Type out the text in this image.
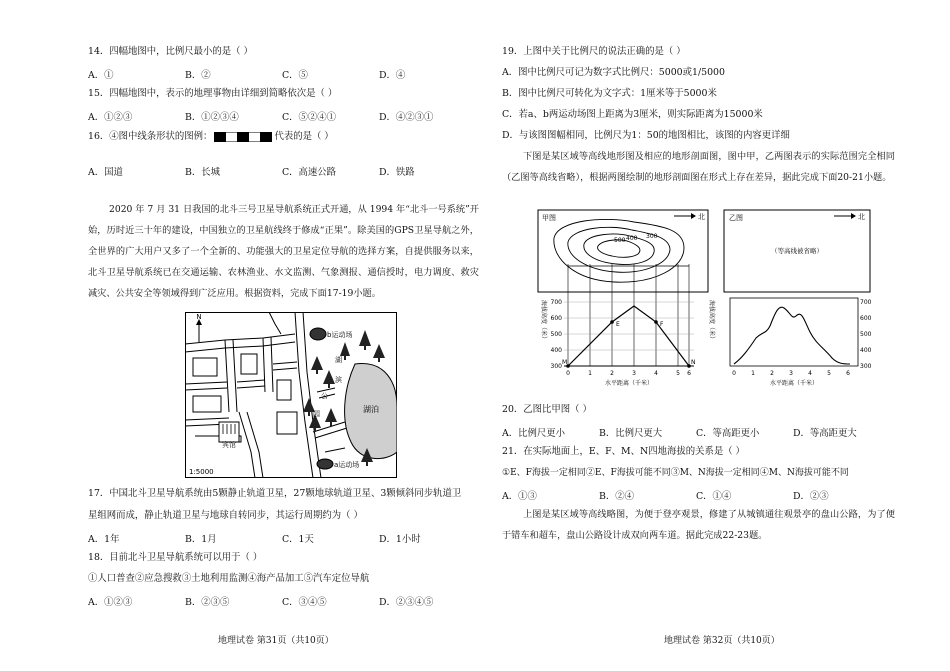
14．四幅地图中，比例尺最小的是（ ）
A．①	B．②	C．⑤	D．④
15．四幅地图中，表示的地理事物由详细到简略依次是（ ）
A．①②③	B．①②③④	C．⑤②④①	D．④②③①
16．④图中线条形状的图例：	代表的是（ ）
A．国道	B．长城	C．高速公路	D．铁路
2020 年 7 月 31 日我国的北斗三号卫星导航系统正式开通，从 1994 年“北斗一号系统”开始，历时近三十年的建设，中国独立的卫星航线终于修成“正果”。除美国的GPS卫星导航之外，全世界的广大用户又多了一个全新的、功能强大的卫星定位导航的选择方案，自提供服务以来，北斗卫星导航系统已在交通运输、农林渔业、水文监测、气象测报、通信授时，电力调度、救灾减灾、公共安全等领域得到广泛应用。根据资料，完成下面17-19小题。
N
湖泊
b运动场
湖
滨
公
园
宾馆
a运动场
1:5000
17．中国北斗卫星导航系统由5颗静止轨道卫星，27颗地球轨道卫星、3颗倾斜同步轨道卫
星组网而成，静止轨道卫星与地球自转同步，其运行周期约为（ ）
A．1年	B．1月	C．1天	D．1小时
18．目前北斗卫星导航系统可以用于（ ）
①人口普查②应急搜救③土地利用监测④海产品加工⑤汽车定位导航
A．①②③	B．②③⑤	C．③④⑤	D．②③④⑤
地理试卷 第31页（共10页）
19．上图中关于比例尺的说法正确的是（ ）
A．图中比例尺可记为数字式比例尺：5000或1/5000
B．图中比例尺可转化为文字式：1厘米等于5000米
C．若a、b两运动场图上距离为3厘米，则实际距离为15000米
D．与该图图幅相同，比例尺为1：50的地图相比，该图的内容更详细
下图是某区域等高线地形图及相应的地形剖面图，图中甲，乙两图表示的实际范围完全相同（乙图等高线省略），根据两图绘制的地形剖面图在形式上存在差异，据此完成下面20-21小题。
甲图	北
300
400
500
海拔高度（米） 700
600
500
400
300
M
E	F
N
0	1	2	3	4	5 6
水平距离（千米）
乙图	北
（等高线被省略）
海拔高度（米）	700
600
500
400
300
0	1	2	3	4	5	6
水平距离（千米）
20．乙图比甲图（ ）
A．比例尺更小	B．比例尺更大	C．等高距更小	D．等高距更大
21．在实际地面上，E、F、M、N四地海拔的关系是（ ）
①E、F海拔一定相同②E、F海拔可能不同③M、N海拔一定相同④M、N海拔可能不同
A．①③	B．②④	C．①④	D．②③
上图是某区域等高线略图，为便于登亭观景，修建了从城镇通往观景亭的盘山公路，为了便于错车和超车，盘山公路设计成双向两车道。据此完成22-23题。
地理试卷 第32页（共10页）
